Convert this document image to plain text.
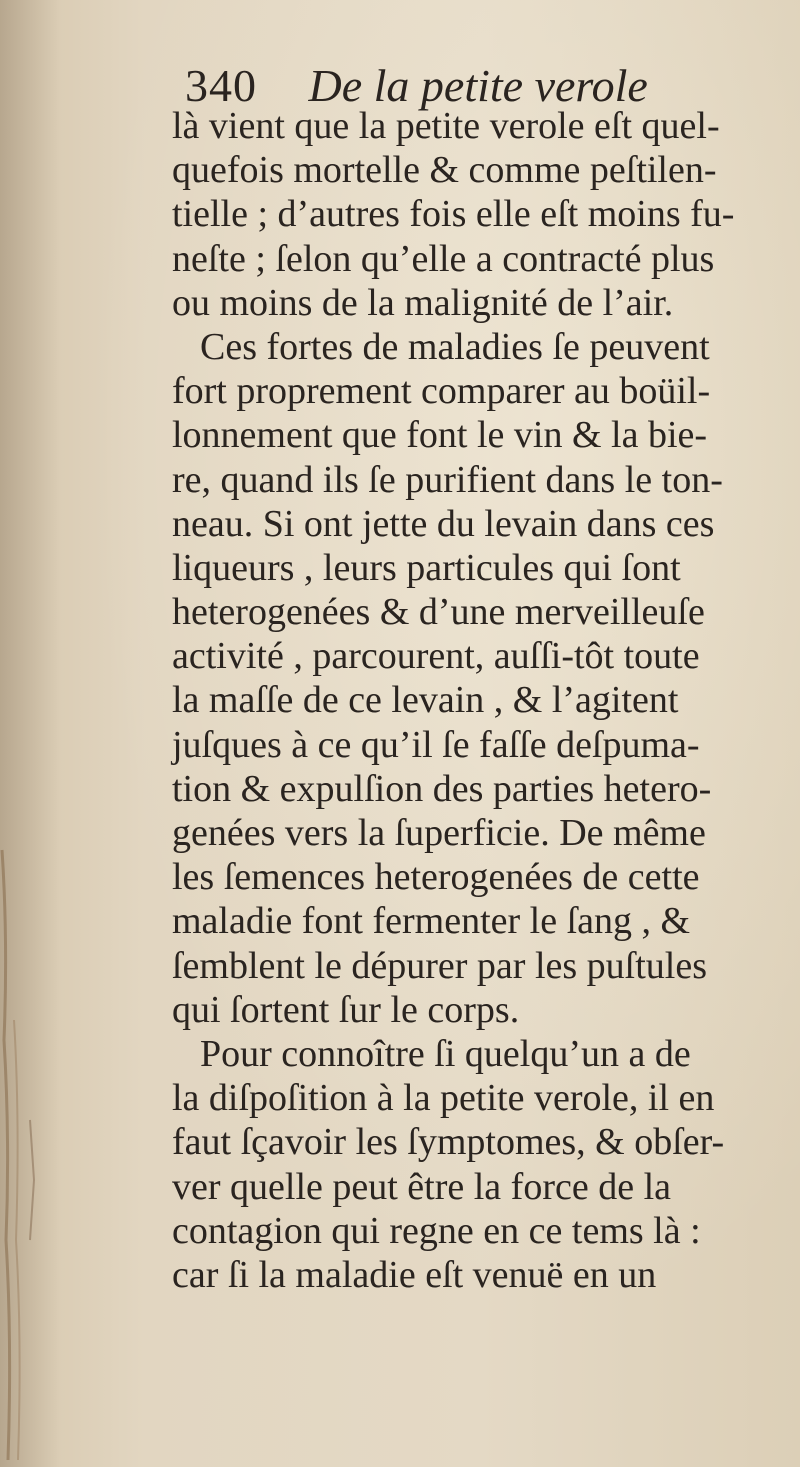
340 De la petite verole
là vient que la petite verole eſt quel-
quefois mortelle & comme peſtilen-
tielle ; d’autres fois elle eſt moins fu-
neſte ; ſelon qu’elle a contracté plus
ou moins de la malignité de l’air.
Ces fortes de maladies ſe peuvent
fort proprement comparer au boüil-
lonnement que font le vin & la bie-
re, quand ils ſe purifient dans le ton-
neau. Si ont jette du levain dans ces
liqueurs , leurs particules qui ſont
heterogenées & d’une merveilleuſe
activité , parcourent, auſſi-tôt toute
la maſſe de ce levain , & l’agitent
juſques à ce qu’il ſe faſſe deſpuma-
tion & expulſion des parties hetero-
genées vers la ſuperficie. De même
les ſemences heterogenées de cette
maladie font fermenter le ſang , &
ſemblent le dépurer par les puſtules
qui ſortent ſur le corps.
Pour connoître ſi quelqu’un a de
la diſpoſition à la petite verole, il en
faut ſçavoir les ſymptomes, & obſer-
ver quelle peut être la force de la
contagion qui regne en ce tems là :
car ſi la maladie eſt venuë en un
